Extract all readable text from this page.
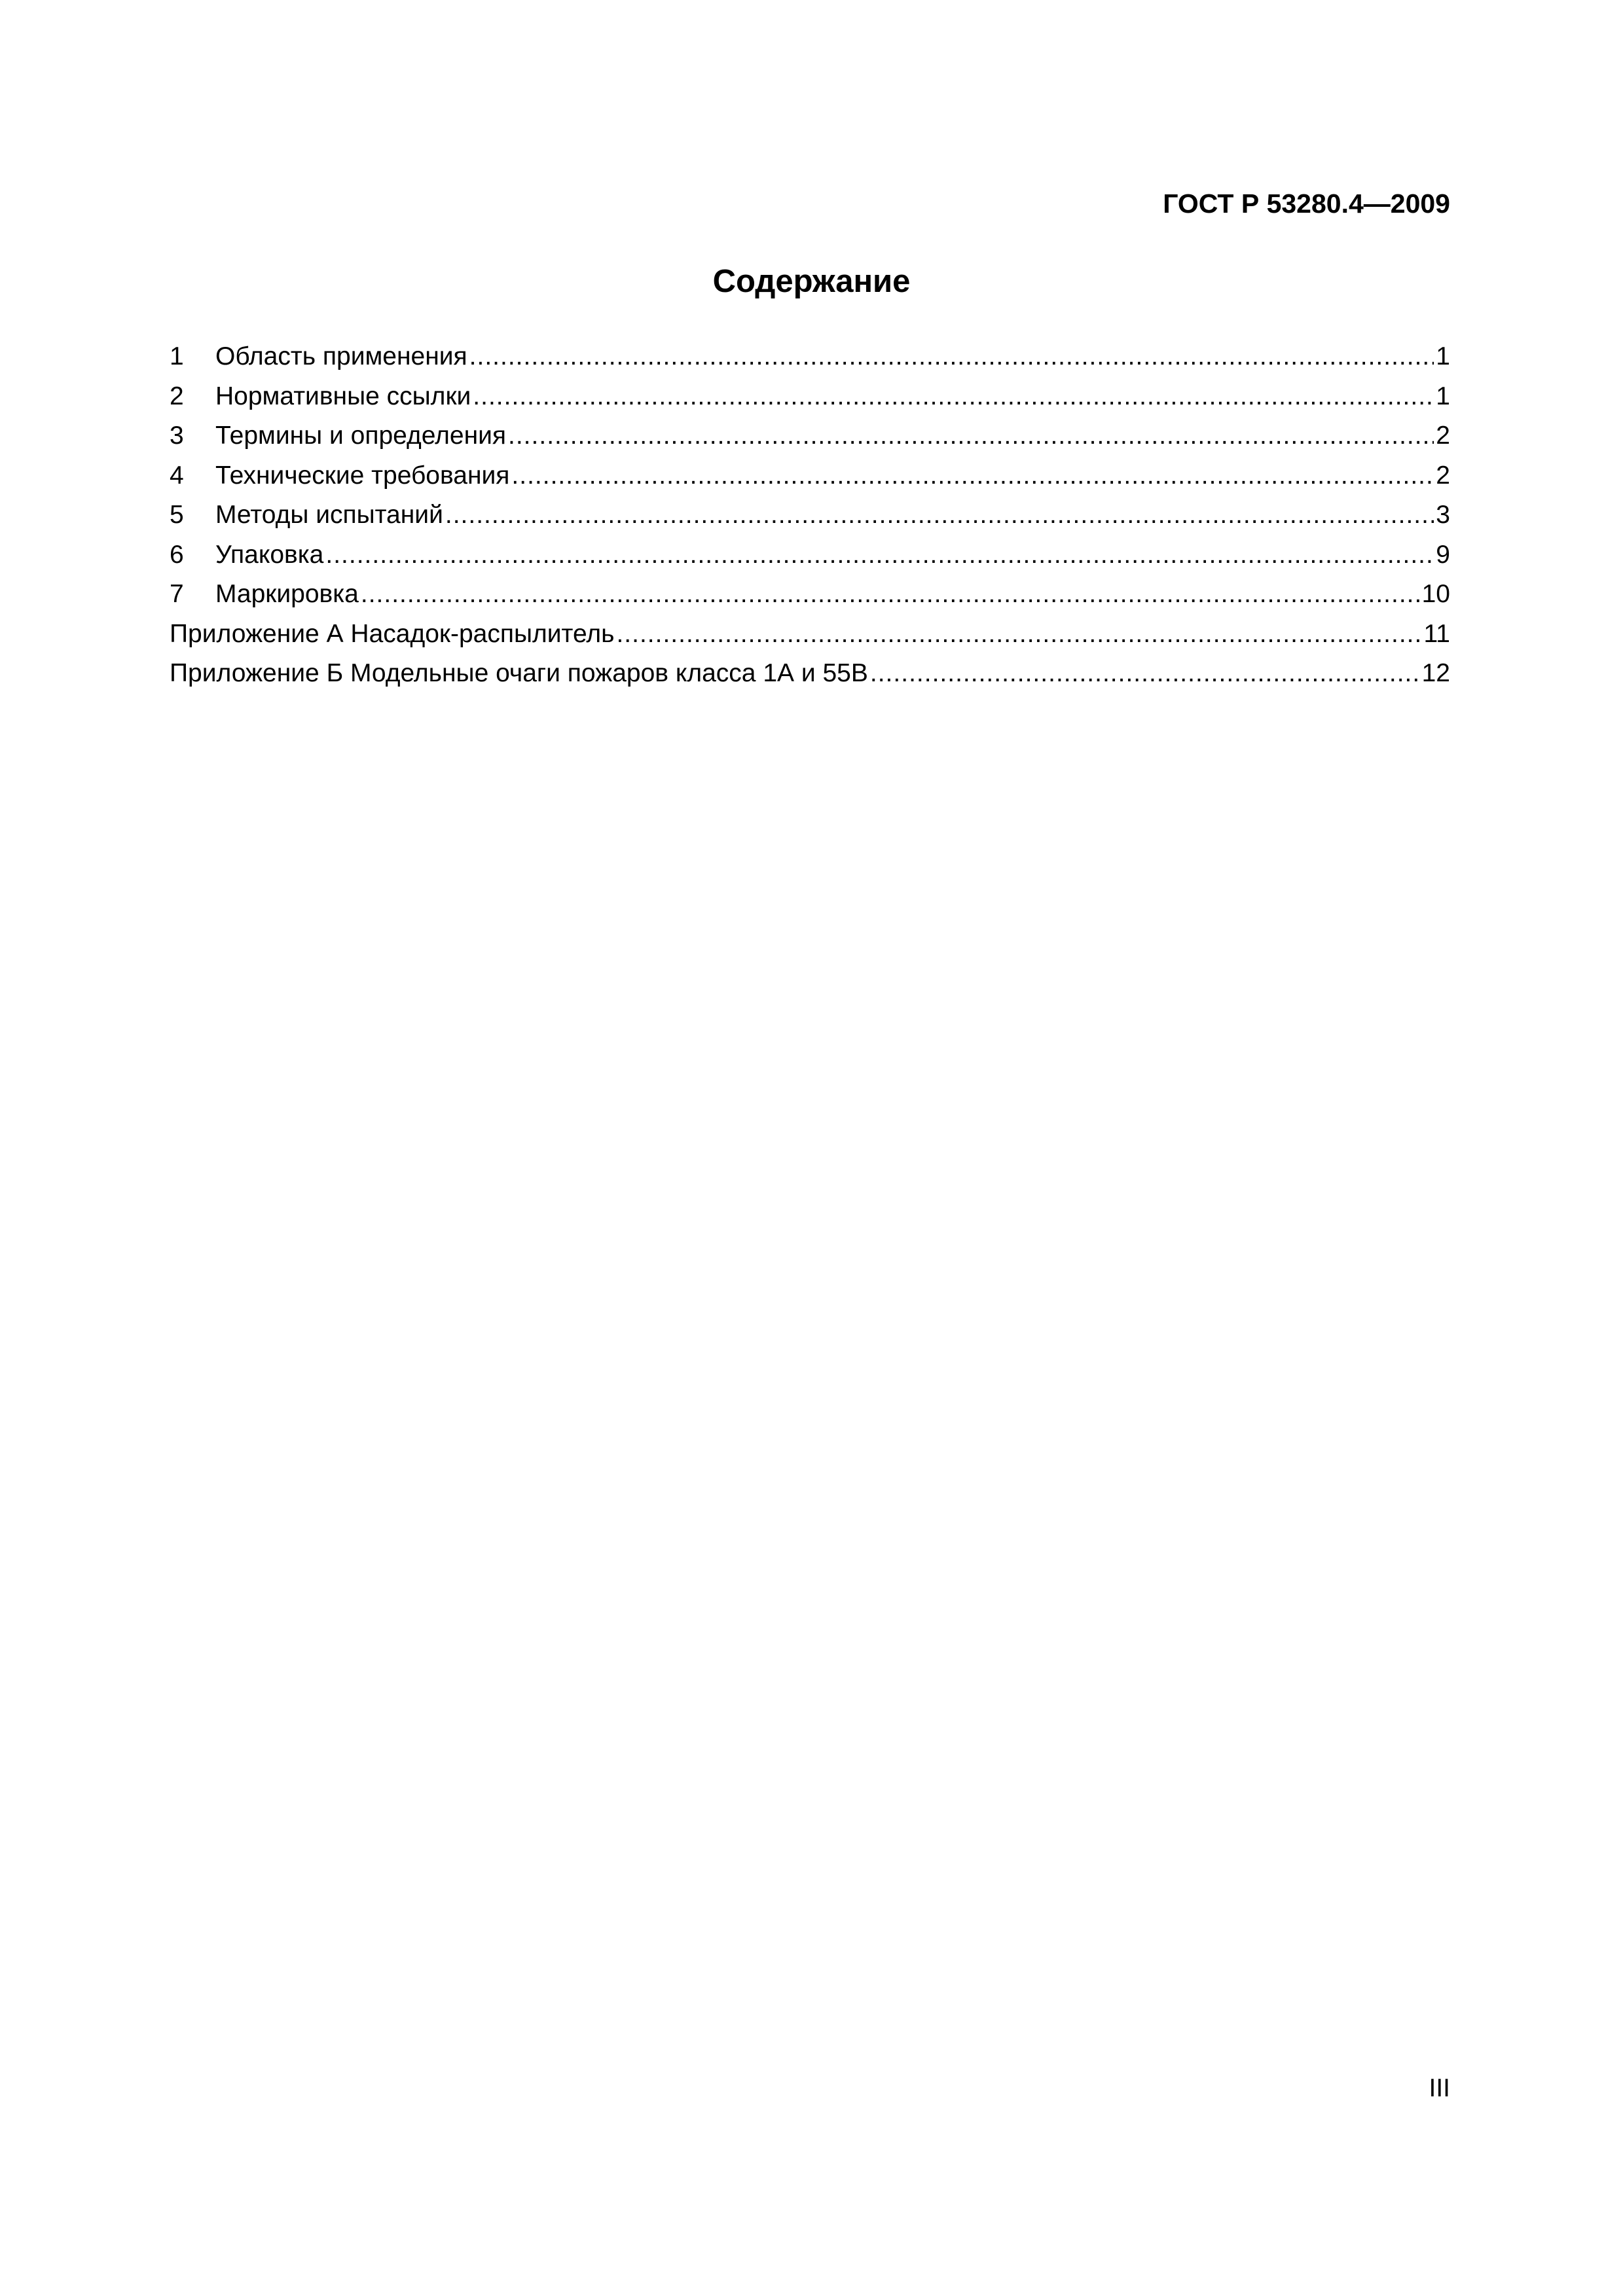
ГОСТ Р 53280.4—2009
Содержание
1	Область применения .....	1
2	Нормативные ссылки .....	1
3	Термины и определения .....	2
4	Технические требования .....	2
5	Методы испытаний .....	3
6	Упаковка .....	9
7	Маркировка .....	10
Приложение А Насадок-распылитель .....	11
Приложение Б Модельные очаги пожаров класса 1А и 55В .....	12
III
